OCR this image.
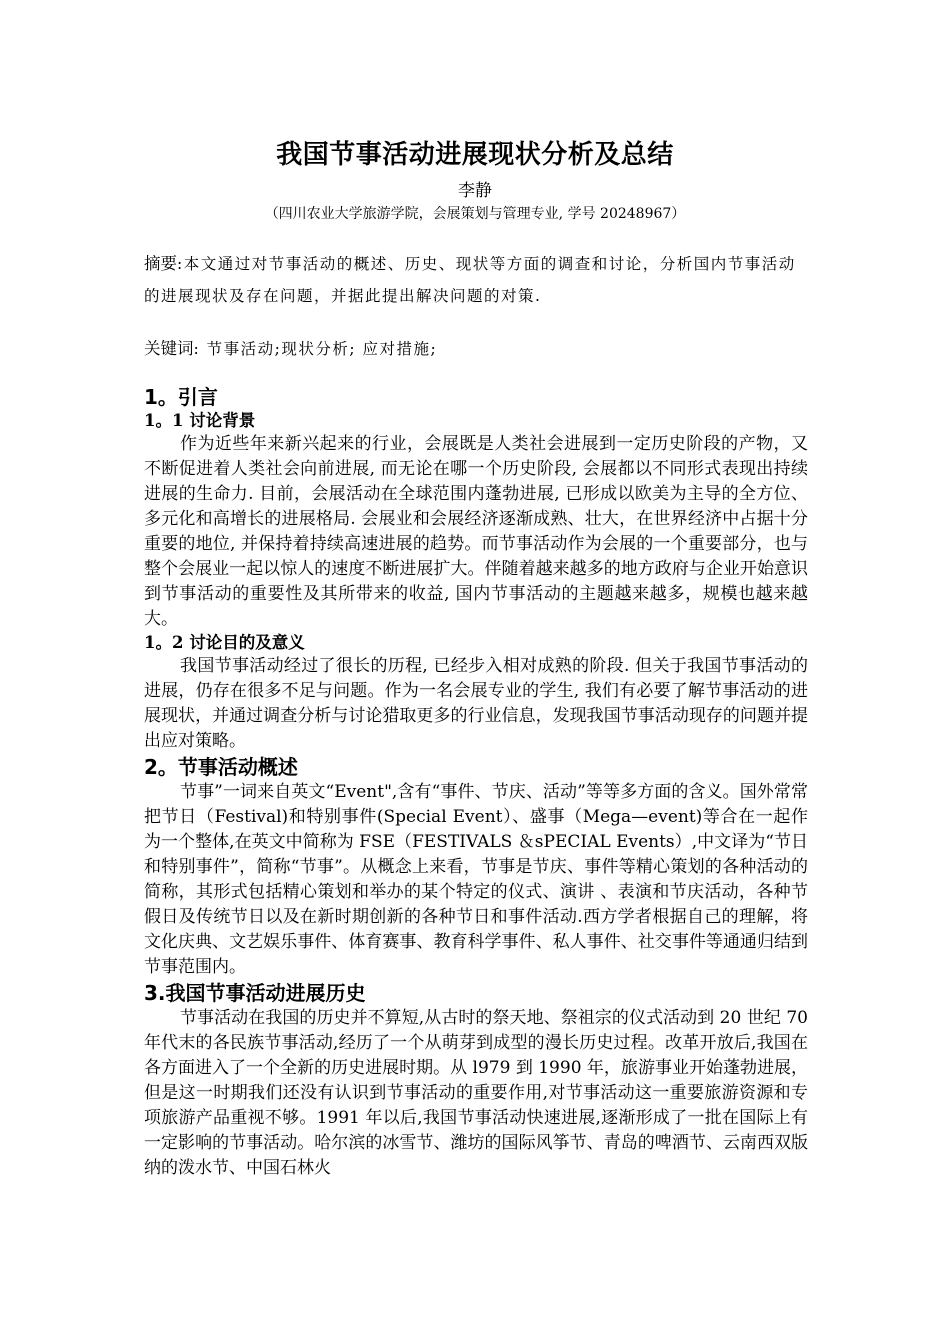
我国节事活动进展现状分析及总结
李静
（四川农业大学旅游学院，会展策划与管理专业, 学号 20248967）
摘要:本文通过对节事活动的概述、历史、现状等方面的调查和讨论，分析国内节事活动的进展现状及存在问题，并据此提出解决问题的对策.
关键词: 节事活动;现状分析; 应对措施;
1。引言
1。1 讨论背景

作为近些年来新兴起来的行业，会展既是人类社会进展到一定历史阶段的产物，又不断促进着人类社会向前进展, 而无论在哪一个历史阶段, 会展都以不同形式表现出持续进展的生命力. 目前，会展活动在全球范围内蓬勃进展, 已形成以欧美为主导的全方位、多元化和高增长的进展格局. 会展业和会展经济逐渐成熟、壮大，在世界经济中占据十分重要的地位, 并保持着持续高速进展的趋势。而节事活动作为会展的一个重要部分，也与整个会展业一起以惊人的速度不断进展扩大。伴随着越来越多的地方政府与企业开始意识到节事活动的重要性及其所带来的收益, 国内节事活动的主题越来越多，规模也越来越大。

1。2 讨论目的及意义

我国节事活动经过了很长的历程, 已经步入相对成熟的阶段. 但关于我国节事活动的进展，仍存在很多不足与问题。作为一名会展专业的学生, 我们有必要了解节事活动的进展现状，并通过调查分析与讨论猎取更多的行业信息，发现我国节事活动现存的问题并提出应对策略。

2。节事活动概述

节事”一词来自英文“Event",含有“事件、节庆、活动”等等多方面的含义。国外常常把节日（Festival)和特别事件(Special Event）、盛事（Mega—event)等合在一起作为一个整体,在英文中简称为 FSE（FESTIVALS ＆sPECIAL Events）,中文译为“节日和特别事件”，简称“节事”。从概念上来看，节事是节庆、事件等精心策划的各种活动的简称，其形式包括精心策划和举办的某个特定的仪式、演讲 、表演和节庆活动，各种节假日及传统节日以及在新时期创新的各种节日和事件活动.西方学者根据自己的理解，将文化庆典、文艺娱乐事件、体育赛事、教育科学事件、私人事件、社交事件等通通归结到节事范围内。

3.我国节事活动进展历史

节事活动在我国的历史并不算短,从古时的祭天地、祭祖宗的仪式活动到 20 世纪 70 年代末的各民族节事活动,经历了一个从萌芽到成型的漫长历史过程。改革开放后,我国在各方面进入了一个全新的历史进展时期。从 l979 到 1990 年，旅游事业开始蓬勃进展，但是这一时期我们还没有认识到节事活动的重要作用,对节事活动这一重要旅游资源和专项旅游产品重视不够。1991 年以后,我国节事活动快速进展,逐渐形成了一批在国际上有一定影响的节事活动。哈尔滨的冰雪节、潍坊的国际风筝节、青岛的啤酒节、云南西双版纳的泼水节、中国石林火
